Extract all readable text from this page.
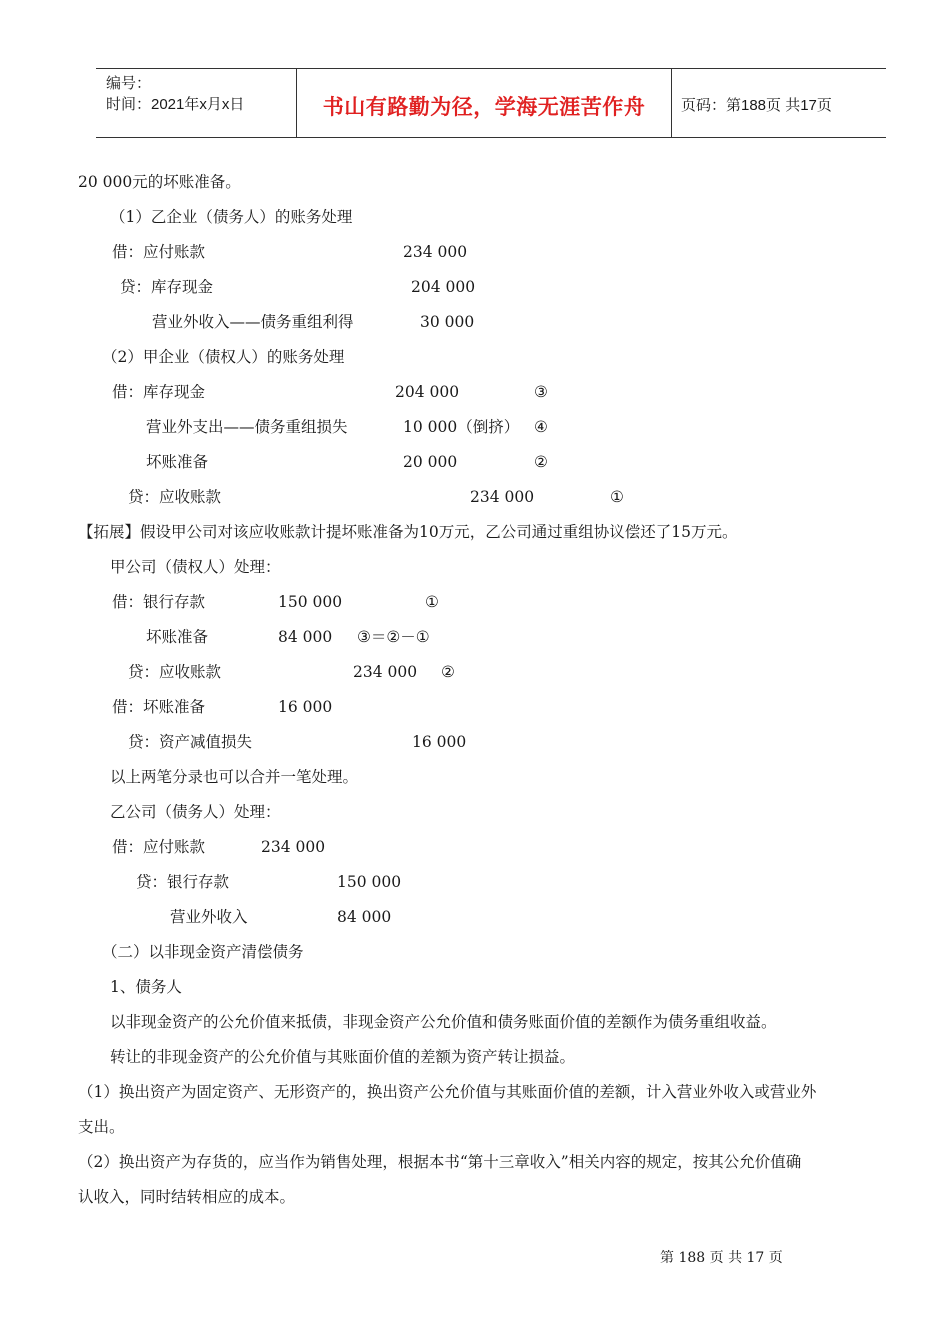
编号：
时间：2021年x月x日	书山有路勤为径，学海无涯苦作舟	页码：第188页 共17页
20 000元的坏账准备。
（1）乙企业（债务人）的账务处理
借：应付账款	234 000
贷：库存现金	204 000
营业外收入——债务重组利得	30 000
（2）甲企业（债权人）的账务处理
借：库存现金	204 000	③
营业外支出——债务重组损失	10 000（倒挤） ④
坏账准备	20 000	②
贷：应收账款	234 000	①
【拓展】假设甲公司对该应收账款计提坏账准备为10万元，乙公司通过重组协议偿还了15万元。
甲公司（债权人）处理：
借：银行存款	150 000	①
坏账准备	84 000 ③＝②－①
贷：应收账款	234 000 ②
借：坏账准备	16 000
贷：资产减值损失	16 000
以上两笔分录也可以合并一笔处理。
乙公司（债务人）处理：
借：应付账款	234 000
贷：银行存款	150 000
营业外收入	84 000
（二）以非现金资产清偿债务
1、债务人
以非现金资产的公允价值来抵债，非现金资产公允价值和债务账面价值的差额作为债务重组收益。
转让的非现金资产的公允价值与其账面价值的差额为资产转让损益。
（1）换出资产为固定资产、无形资产的，换出资产公允价值与其账面价值的差额，计入营业外收入或营业外
支出。
（2）换出资产为存货的，应当作为销售处理，根据本书“第十三章收入”相关内容的规定，按其公允价值确
认收入，同时结转相应的成本。
第 188 页 共 17 页
